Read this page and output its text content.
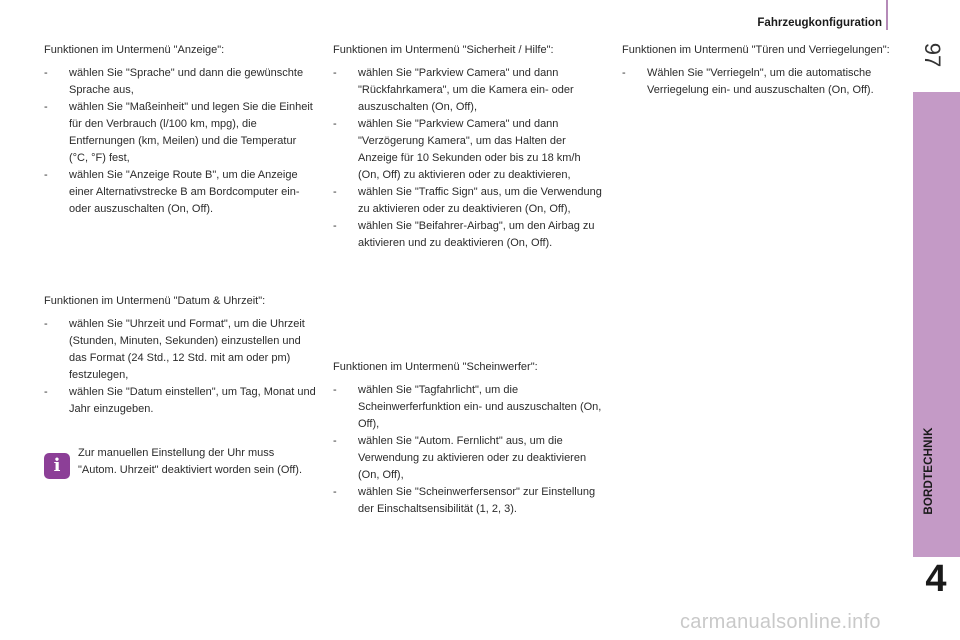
Fahrzeugkonfiguration
97
BORDTECHNIK
4

Funktionen im Untermenü "Anzeige":

- wählen Sie "Sprache" und dann die gewünschte Sprache aus,

- wählen Sie "Maßeinheit" und legen Sie die Einheit für den Verbrauch (l/100 km, mpg), die Entfernungen (km, Meilen) und die Temperatur (°C, °F) fest,

- wählen Sie "Anzeige Route B", um die Anzeige einer Alternativstrecke B am Bordcomputer ein- oder auszuschalten (On, Off).

Funktionen im Untermenü "Datum & Uhrzeit":

- wählen Sie "Uhrzeit und Format", um die Uhrzeit (Stunden, Minuten, Sekunden) einzustellen und das Format (24 Std., 12 Std. mit am oder pm) festzulegen,

- wählen Sie "Datum einstellen", um Tag, Monat und Jahr einzugeben.

i

Zur manuellen Einstellung der Uhr muss "Autom. Uhrzeit" deaktiviert worden sein (Off).

Funktionen im Untermenü "Sicherheit / Hilfe":

- wählen Sie "Parkview Camera" und dann "Rückfahrkamera", um die Kamera ein- oder auszuschalten (On, Off),

- wählen Sie "Parkview Camera" und dann "Verzögerung Kamera", um das Halten der Anzeige für 10 Sekunden oder bis zu 18 km/h (On, Off) zu aktivieren oder zu deaktivieren,

- wählen Sie "Traffic Sign" aus, um die Verwendung zu aktivieren oder zu deaktivieren (On, Off),

- wählen Sie "Beifahrer-Airbag", um den Airbag zu aktivieren und zu deaktivieren (On, Off).

Funktionen im Untermenü "Scheinwerfer":

- wählen Sie "Tagfahrlicht", um die Scheinwerferfunktion ein- und auszuschalten (On, Off),

- wählen Sie "Autom. Fernlicht" aus, um die Verwendung zu aktivieren oder zu deaktivieren (On, Off),

- wählen Sie "Scheinwerfersensor" zur Einstellung der Einschaltsensibilität (1, 2, 3).

Funktionen im Untermenü "Türen und Verriegelungen":

- Wählen Sie "Verriegeln", um die automatische Verriegelung ein- und auszuschalten (On, Off).

carmanualsonline.info
